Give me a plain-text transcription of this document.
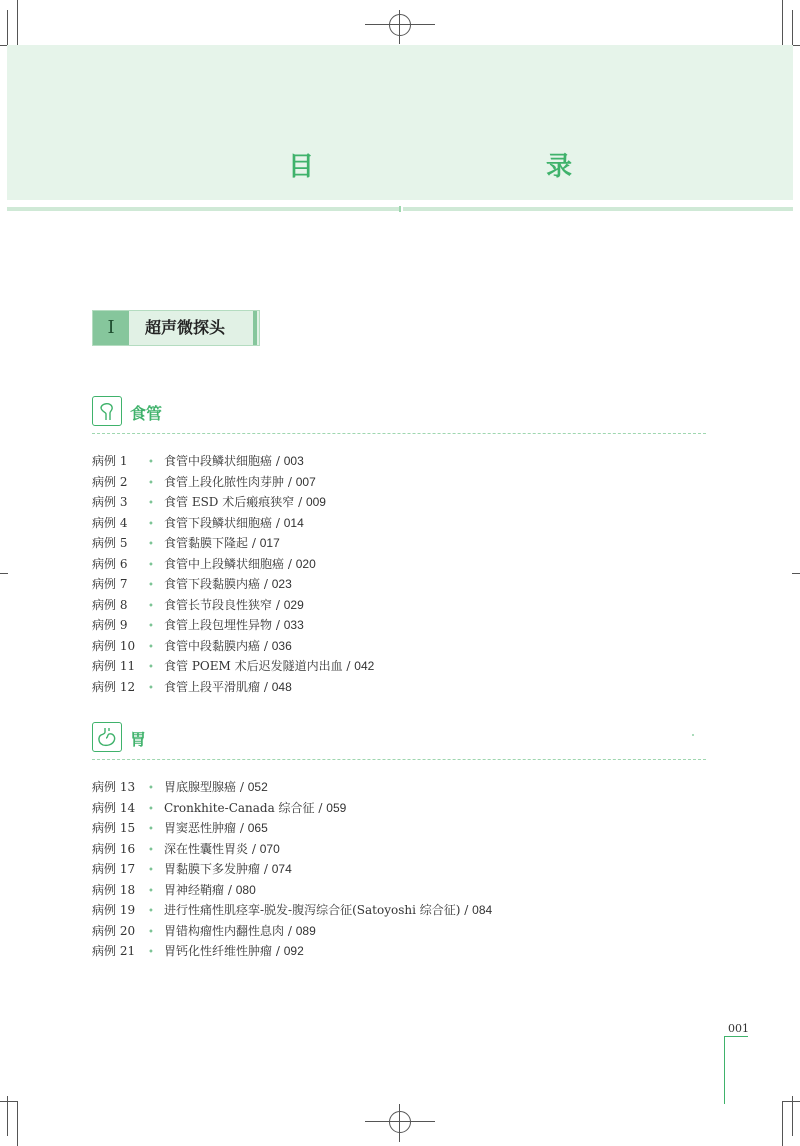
目　　录
I	超声微探头
食管
病例 1 • 食管中段鳞状细胞癌 / 003
病例 2 • 食管上段化脓性肉芽肿 / 007
病例 3 • 食管 ESD 术后瘢痕狭窄 / 009
病例 4 • 食管下段鳞状细胞癌 / 014
病例 5 • 食管黏膜下隆起 / 017
病例 6 • 食管中上段鳞状细胞癌 / 020
病例 7 • 食管下段黏膜内癌 / 023
病例 8 • 食管长节段良性狭窄 / 029
病例 9 • 食管上段包埋性异物 / 033
病例 10 • 食管中段黏膜内癌 / 036
病例 11 • 食管 POEM 术后迟发隧道内出血 / 042
病例 12 • 食管上段平滑肌瘤 / 048
胃
病例 13 • 胃底腺型腺癌 / 052
病例 14 • Cronkhite-Canada 综合征 / 059
病例 15 • 胃窦恶性肿瘤 / 065
病例 16 • 深在性囊性胃炎 / 070
病例 17 • 胃黏膜下多发肿瘤 / 074
病例 18 • 胃神经鞘瘤 / 080
病例 19 • 进行性痛性肌痉挛-脱发-腹泻综合征(Satoyoshi 综合征) / 084
病例 20 • 胃错构瘤性内翻性息肉 / 089
病例 21 • 胃钙化性纤维性肿瘤 / 092
001
